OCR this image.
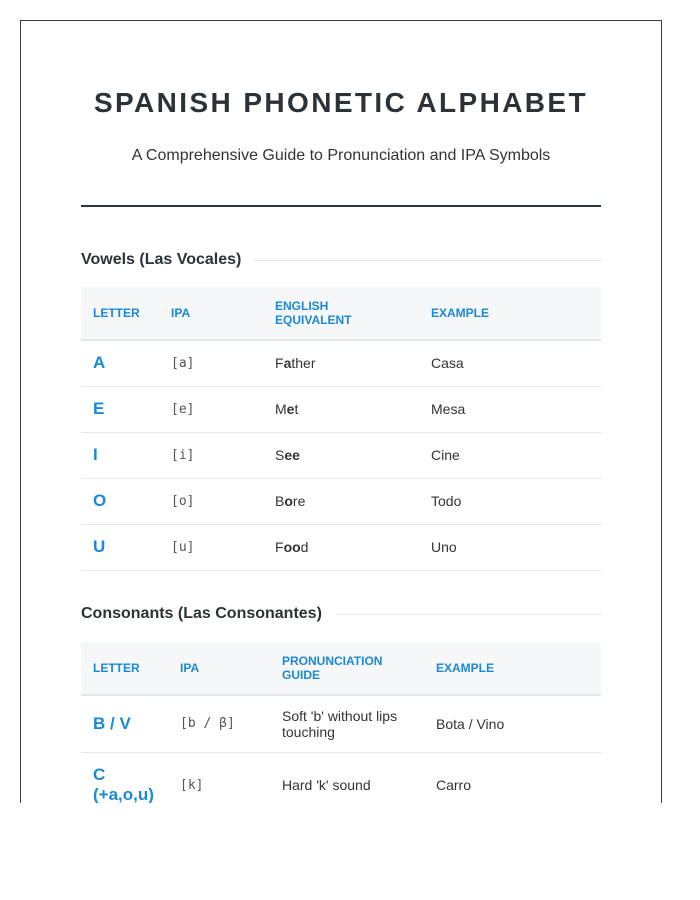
SPANISH PHONETIC ALPHABET
A Comprehensive Guide to Pronunciation and IPA Symbols
Vowels (Las Vocales)
LETTER	IPA	ENGLISH EQUIVALENT	EXAMPLE
A	[a]	Father	Casa
E	[e]	Met	Mesa
I	[i]	See	Cine
O	[o]	Bore	Todo
U	[u]	Food	Uno
Consonants (Las Consonantes)
LETTER	IPA	PRONUNCIATION GUIDE	EXAMPLE
B / V	[b / β]	Soft 'b' without lips touching	Bota / Vino
C (+a,o,u)	[k]	Hard 'k' sound	Carro
